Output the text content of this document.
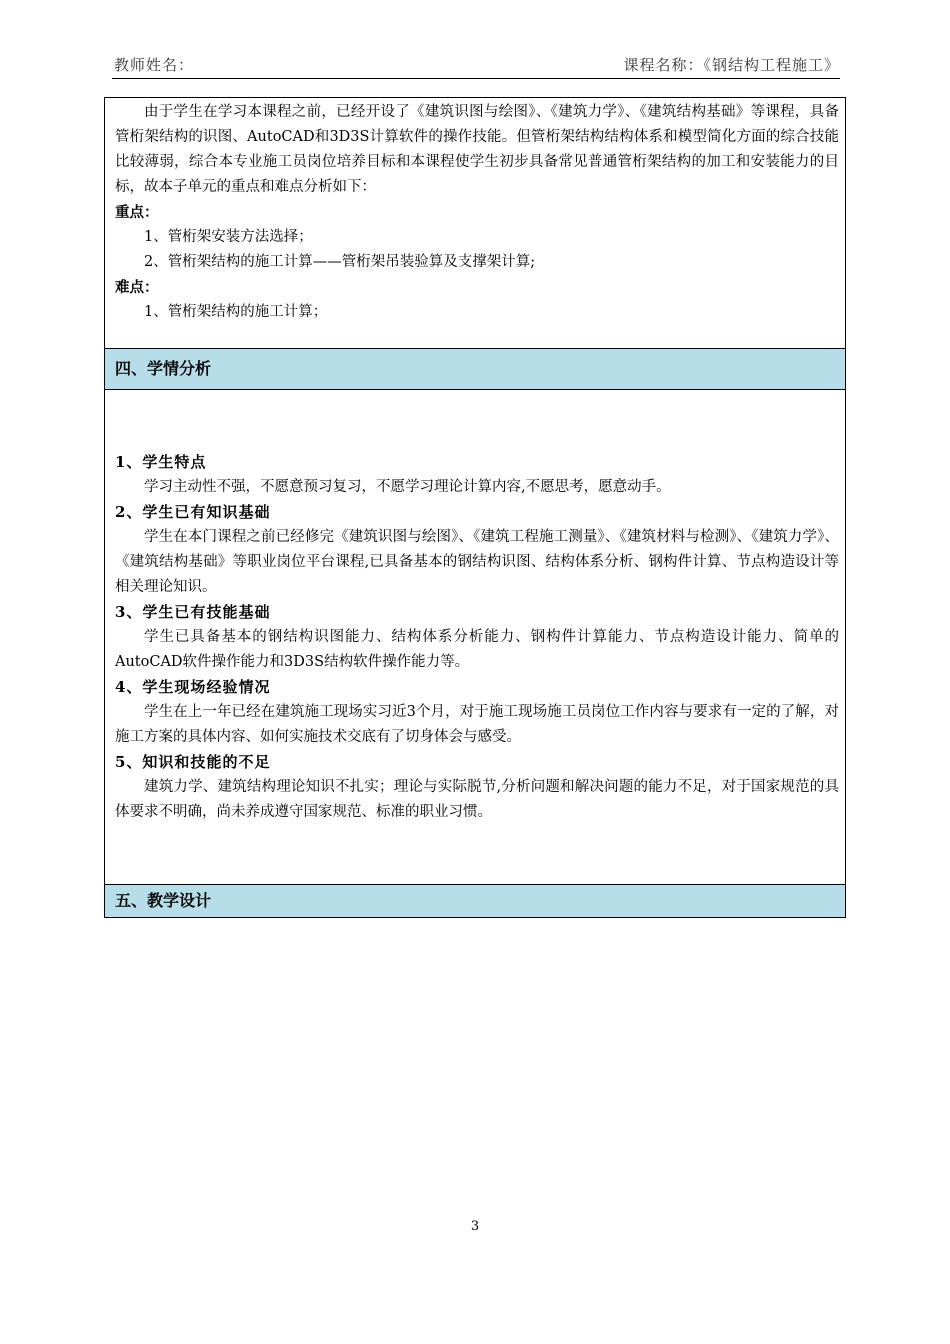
教师姓名：	课程名称：《钢结构工程施工》

由于学生在学习本课程之前，已经开设了《建筑识图与绘图》、《建筑力学》、《建筑结构基础》等课程，具备管桁架结构的识图、AutoCAD和3D3S计算软件的操作技能。但管桁架结构结构体系和模型简化方面的综合技能比较薄弱，综合本专业施工员岗位培养目标和本课程使学生初步具备常见普通管桁架结构的加工和安装能力的目标，故本子单元的重点和难点分析如下：

重点：

1、管桁架安装方法选择；

2、管桁架结构的施工计算——管桁架吊装验算及支撑架计算;

难点：

1、管桁架结构的施工计算；

四、学情分析

1、学生特点

学习主动性不强，不愿意预习复习，不愿学习理论计算内容,不愿思考，愿意动手。

2、学生已有知识基础

学生在本门课程之前已经修完《建筑识图与绘图》、《建筑工程施工测量》、《建筑材料与检测》、《建筑力学》、《建筑结构基础》等职业岗位平台课程,已具备基本的钢结构识图、结构体系分析、钢构件计算、节点构造设计等相关理论知识。

3、学生已有技能基础

学生已具备基本的钢结构识图能力、结构体系分析能力、钢构件计算能力、节点构造设计能力、简单的AutoCAD软件操作能力和3D3S结构软件操作能力等。

4、学生现场经验情况

学生在上一年已经在建筑施工现场实习近3个月，对于施工现场施工员岗位工作内容与要求有一定的了解，对施工方案的具体内容、如何实施技术交底有了切身体会与感受。

5、知识和技能的不足

建筑力学、建筑结构理论知识不扎实；理论与实际脱节,分析问题和解决问题的能力不足，对于国家规范的具体要求不明确，尚未养成遵守国家规范、标准的职业习惯。

五、教学设计
3
